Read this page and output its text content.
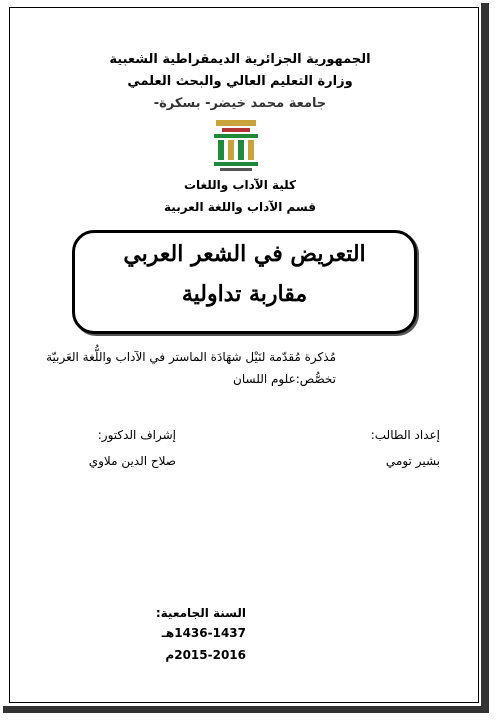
الجمهورية الجزائرية الديمقراطية الشعبية
وزارة التعليم العالي والبحث العلمي
جامعة محمد خيضر- بسكرة-
كلية الآداب واللغات
قسم الآداب واللغة العربية
التعريض في الشعر العربي
مقاربة تداولية
مُذكرة مُقدّمة لنَيْل شهَادَة الماستر في الآداب واللُّغة العَربيّة
تخصُّص:علوم اللسان
إعداد الطالب:
بشير تومي
إشراف الدكتور:
صلاح الدين ملاوي
السنة الجامعية:
1436-1437هـ
2015-2016م
